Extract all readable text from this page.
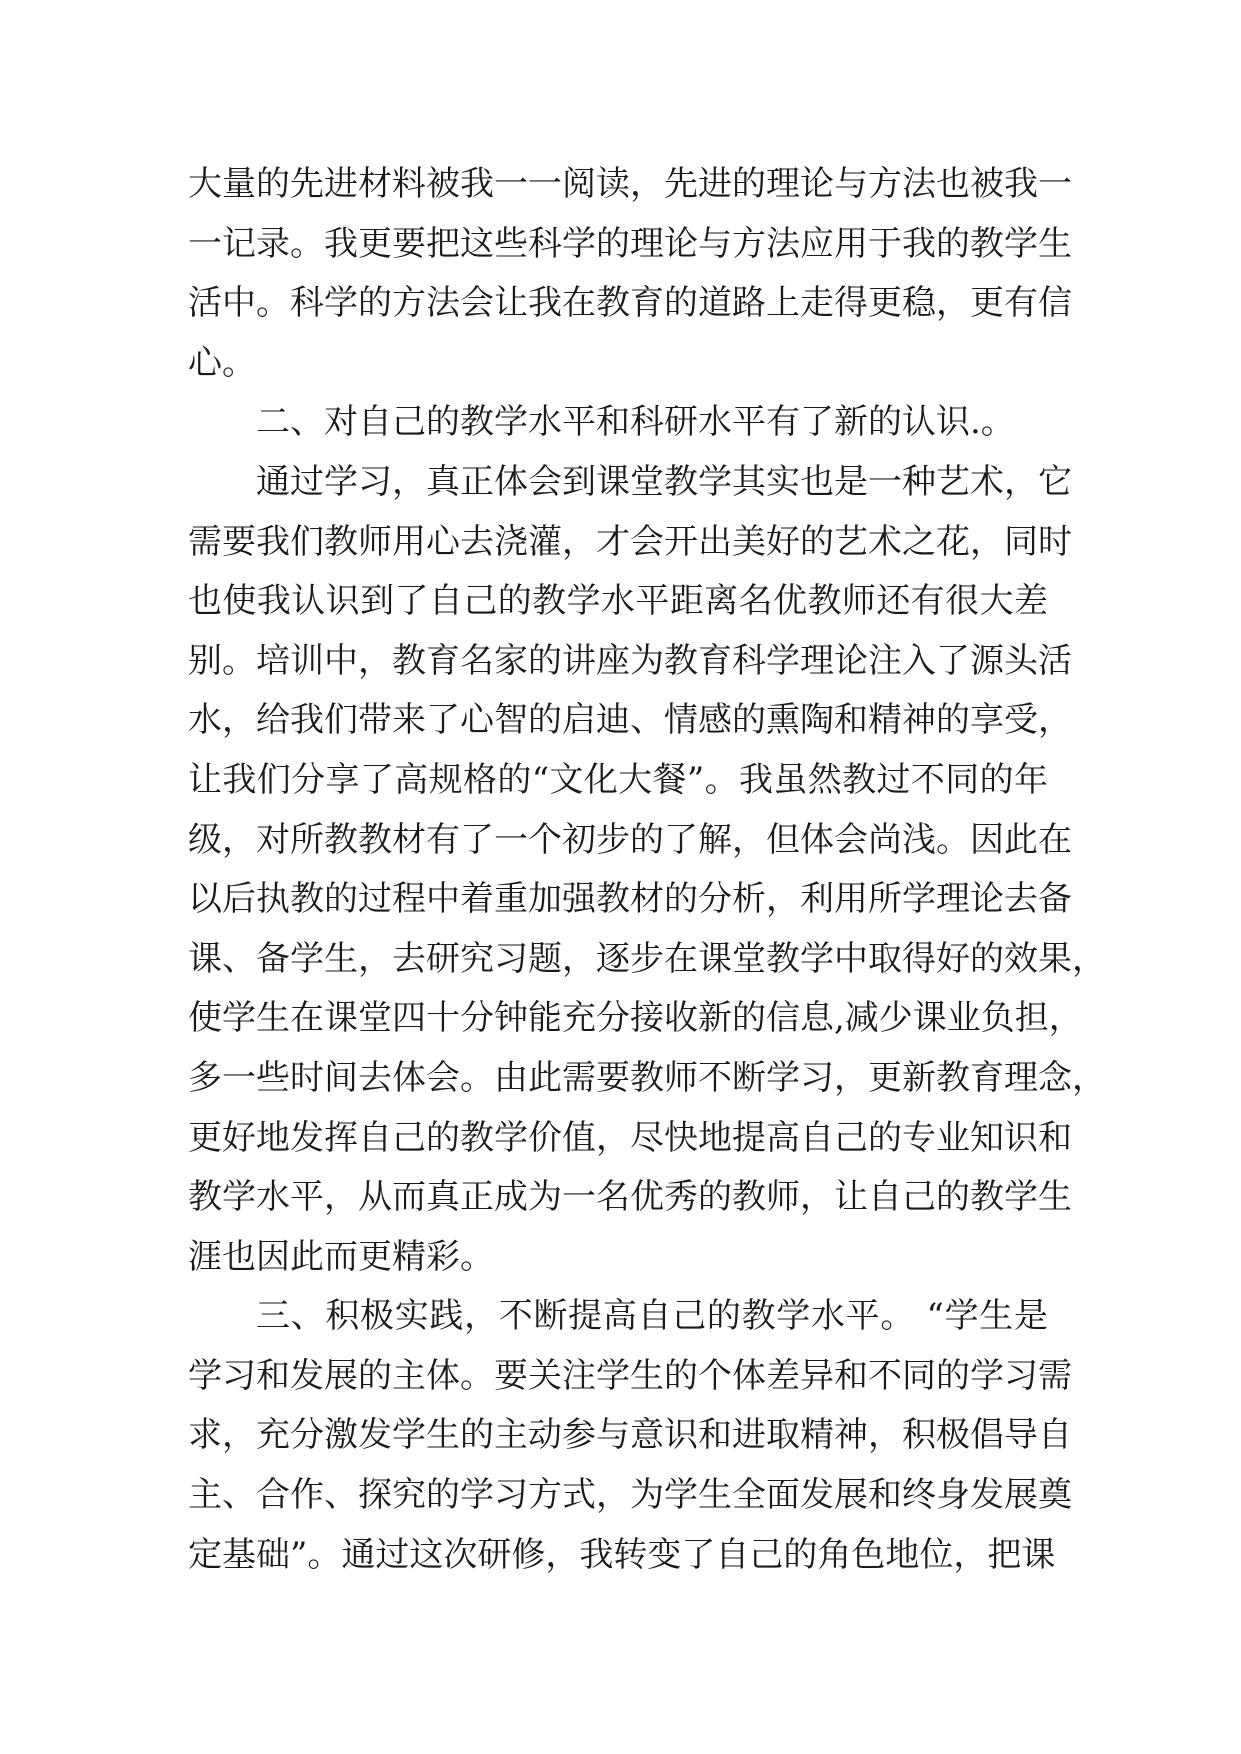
大量的先进材料被我一一阅读，先进的理论与方法也被我一
一记录。我更要把这些科学的理论与方法应用于我的教学生
活中。科学的方法会让我在教育的道路上走得更稳，更有信
心。
二、对自己的教学水平和科研水平有了新的认识.。
通过学习，真正体会到课堂教学其实也是一种艺术，它
需要我们教师用心去浇灌，才会开出美好的艺术之花，同时
也使我认识到了自己的教学水平距离名优教师还有很大差
别。培训中，教育名家的讲座为教育科学理论注入了源头活
水，给我们带来了心智的启迪、情感的熏陶和精神的享受，
让我们分享了高规格的“文化大餐”。我虽然教过不同的年
级，对所教教材有了一个初步的了解，但体会尚浅。因此在
以后执教的过程中着重加强教材的分析，利用所学理论去备
课、备学生，去研究习题，逐步在课堂教学中取得好的效果，
使学生在课堂四十分钟能充分接收新的信息,减少课业负担，
多一些时间去体会。由此需要教师不断学习，更新教育理念，
更好地发挥自己的教学价值，尽快地提高自己的专业知识和
教学水平，从而真正成为一名优秀的教师，让自己的教学生
涯也因此而更精彩。
三、积极实践，不断提高自己的教学水平。 “学生是
学习和发展的主体。要关注学生的个体差异和不同的学习需
求，充分激发学生的主动参与意识和进取精神，积极倡导自
主、合作、探究的学习方式，为学生全面发展和终身发展奠
定基础”。通过这次研修，我转变了自己的角色地位，把课
